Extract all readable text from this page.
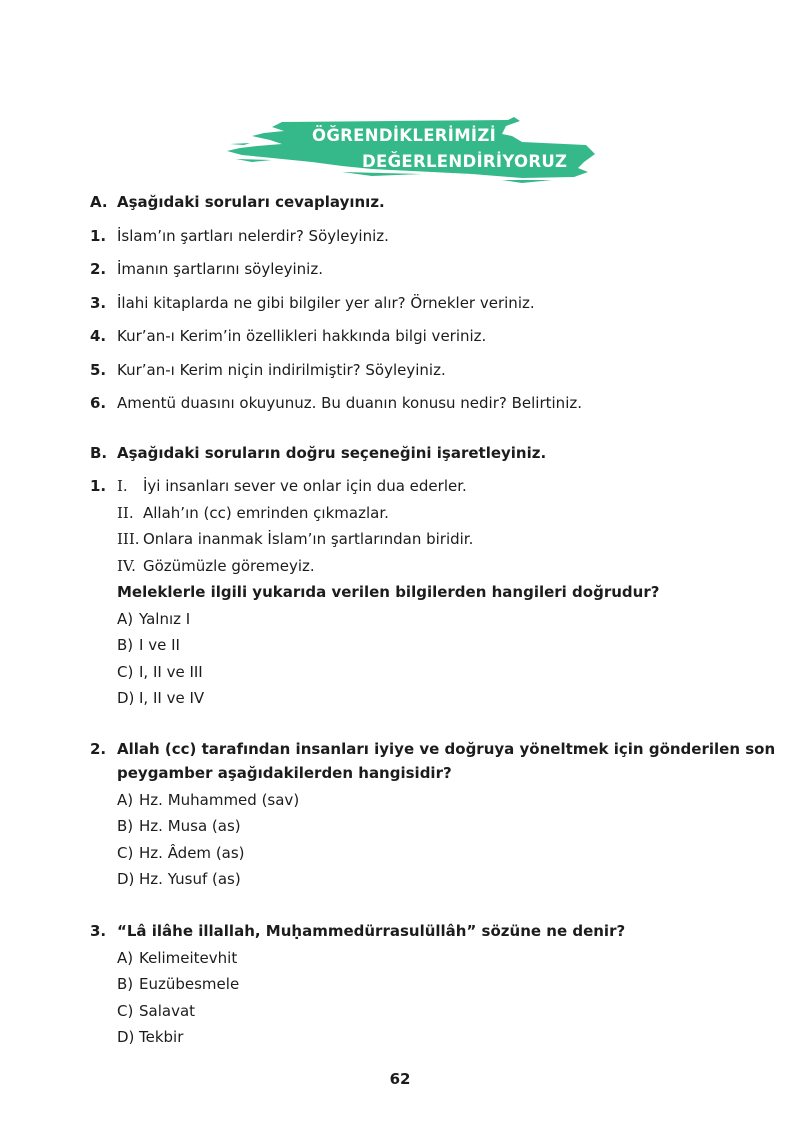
ÖĞRENDİKLERİMİZİ
DEĞERLENDİRİYORUZ
A. Aşağıdaki soruları cevaplayınız.
1. İslam’ın şartları nelerdir? Söyleyiniz.
2. İmanın şartlarını söyleyiniz.
3. İlahi kitaplarda ne gibi bilgiler yer alır? Örnekler veriniz.
4. Kur’an-ı Kerim’in özellikleri hakkında bilgi veriniz.
5. Kur’an-ı Kerim niçin indirilmiştir? Söyleyiniz.
6. Amentü duasını okuyunuz. Bu duanın konusu nedir? Belirtiniz.
B. Aşağıdaki soruların doğru seçeneğini işaretleyiniz.
1. I.	İyi insanları sever ve onlar için dua ederler.
II. Allah’ın (cc) emrinden çıkmazlar.
III. Onlara inanmak İslam’ın şartlarından biridir.
IV. Gözümüzle göremeyiz.
Meleklerle ilgili yukarıda verilen bilgilerden hangileri doğrudur?
A) Yalnız I
B) I ve II
C) I, II ve III
D) I, II ve IV
2. Allah (cc) tarafından insanları iyiye ve doğruya yöneltmek için gönderilen son
peygamber aşağıdakilerden hangisidir?
A) Hz. Muhammed (sav)
B) Hz. Musa (as)
C) Hz. Âdem (as)
D) Hz. Yusuf (as)
3. “Lâ ilâhe illallah, Muḥammedürrasulüllâh” sözüne ne denir?
A) Kelimeitevhit
B) Euzübesmele
C) Salavat
D) Tekbir
62
